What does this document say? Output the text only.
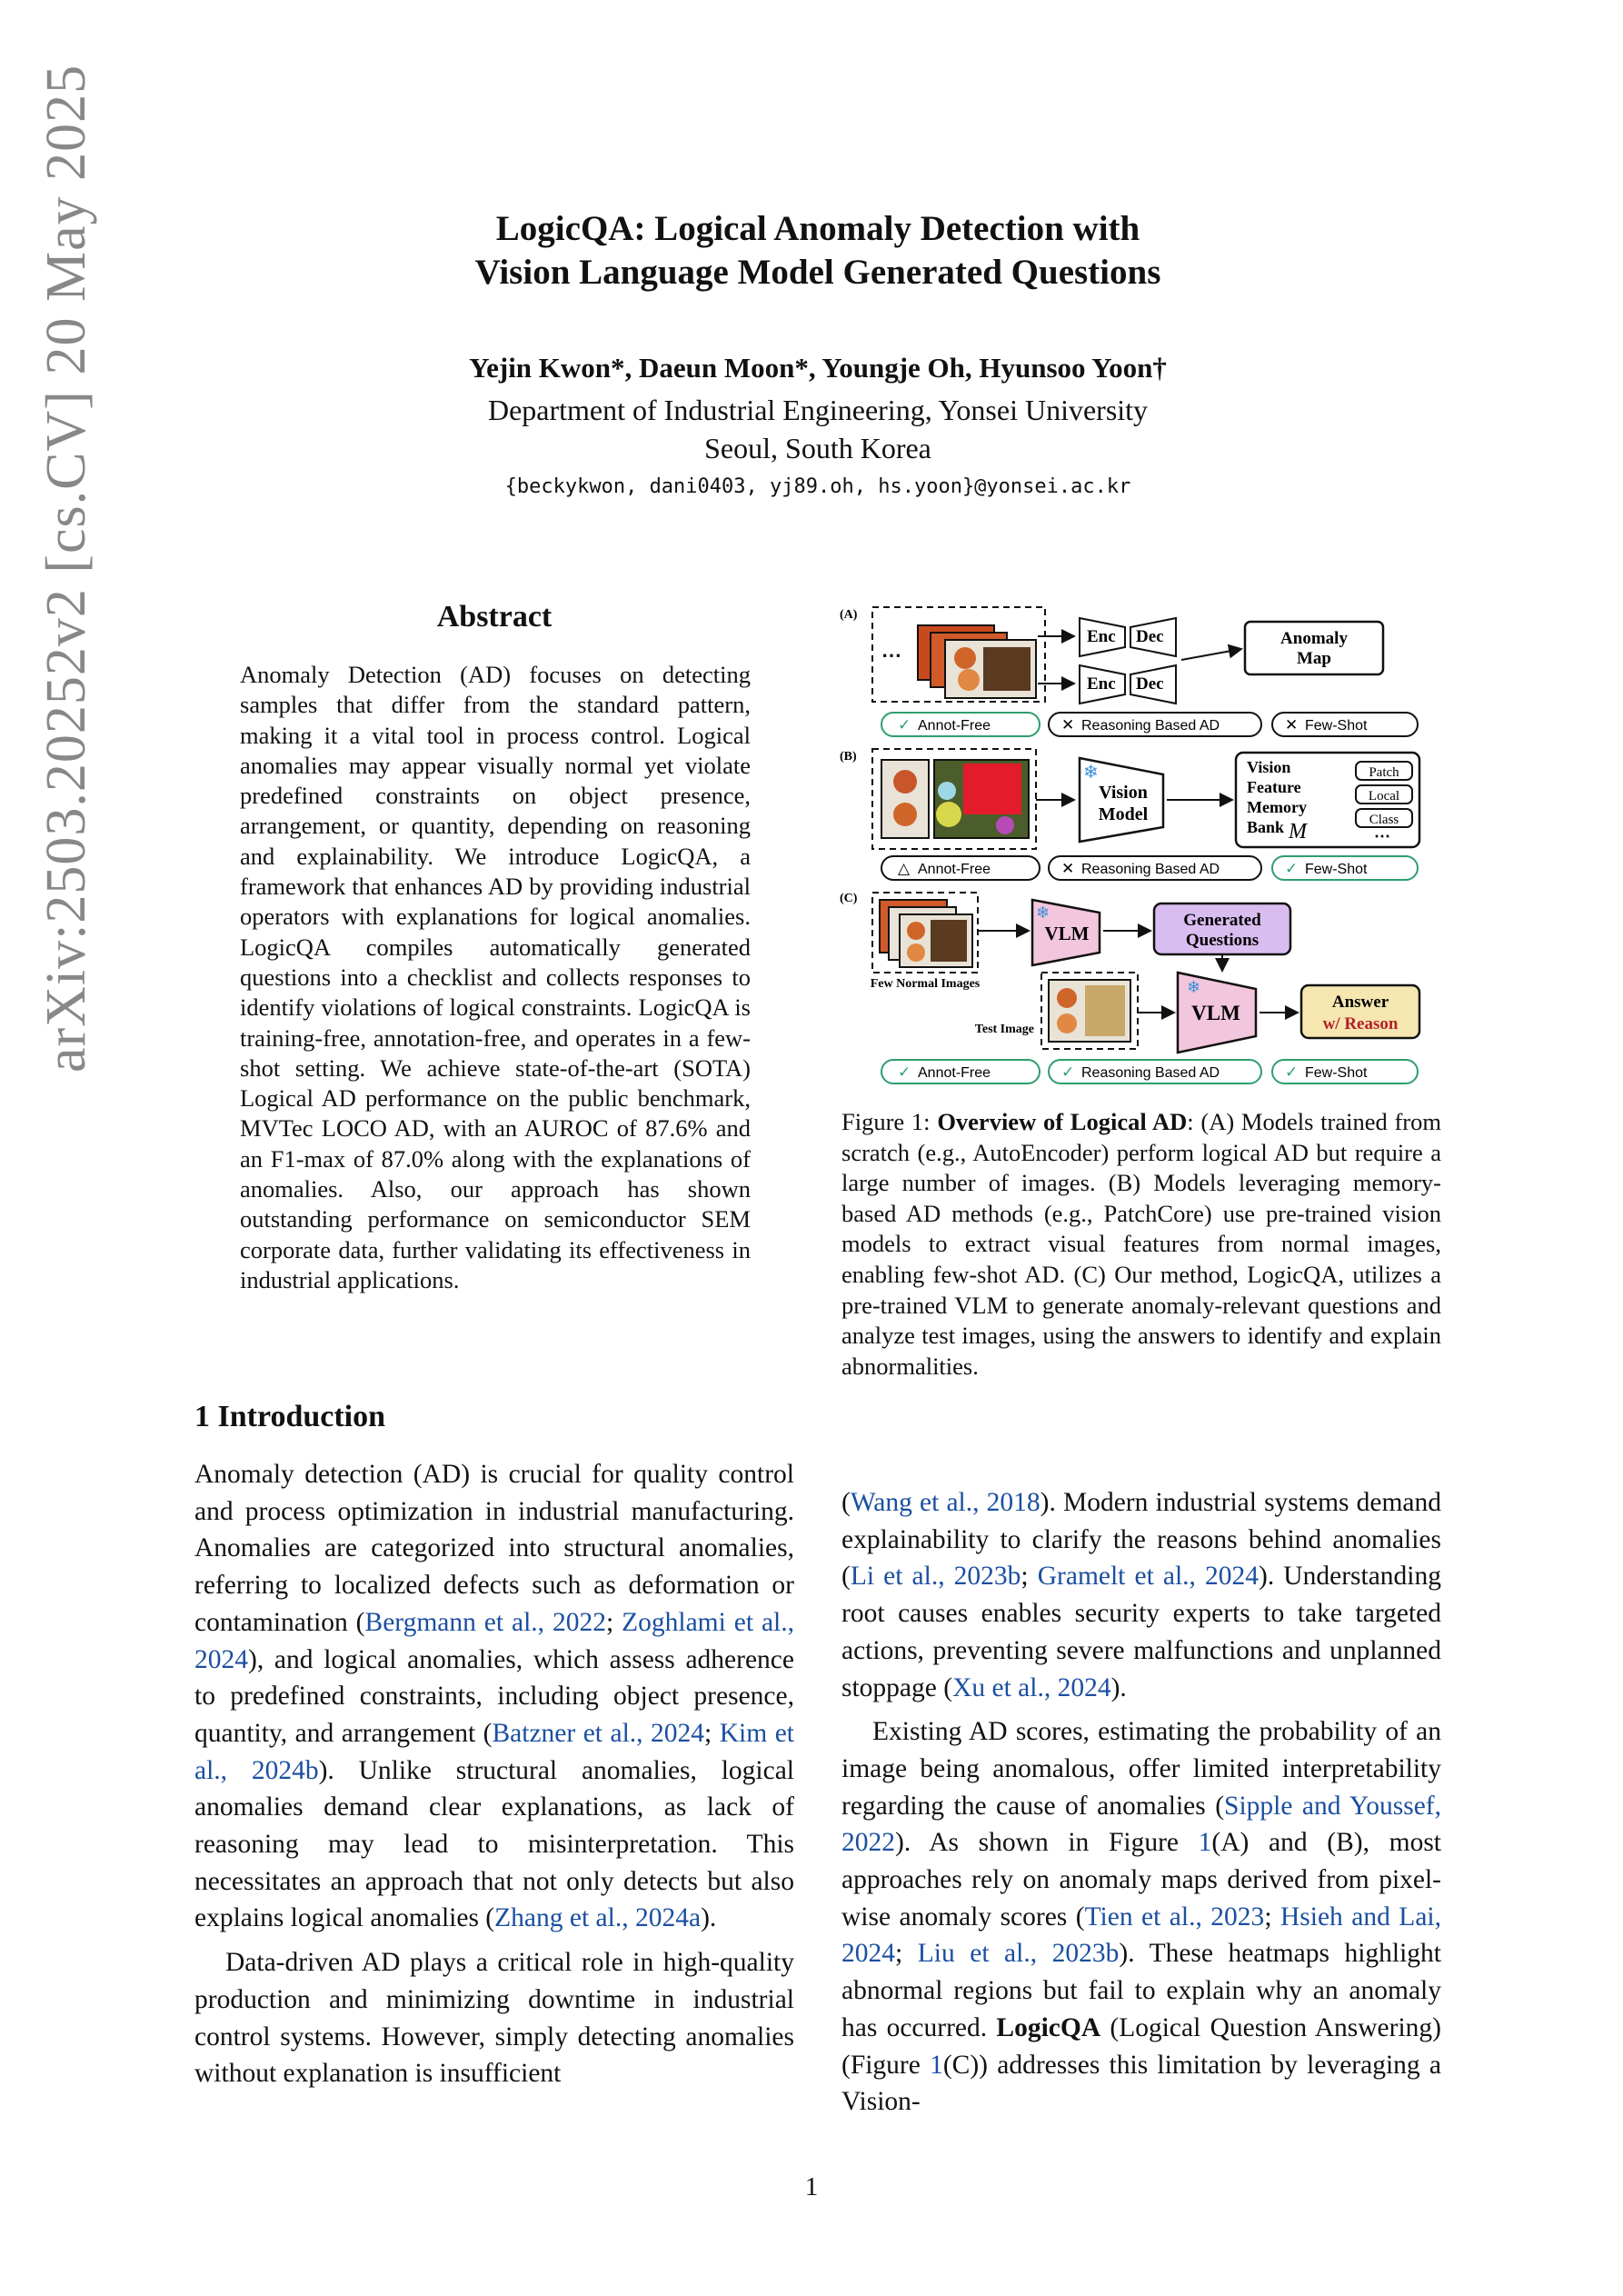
LogicQA: Logical Anomaly Detection with
Vision Language Model Generated Questions
Yejin Kwon*, Daeun Moon*, Youngje Oh, Hyunsoo Yoon†
Department of Industrial Engineering, Yonsei University
Seoul, South Korea
{beckykwon, dani0403, yj89.oh, hs.yoon}@yonsei.ac.kr
arXiv:2503.20252v2 [cs.CV] 20 May 2025	Abstract
Anomaly Detection (AD) focuses on detecting samples that differ from the standard pattern, making it a vital tool in process control. Logical anomalies may appear visually normal yet violate predefined constraints on object presence, arrangement, or quantity, depending on reasoning and explainability. We introduce LogicQA, a framework that enhances AD by providing industrial operators with explanations for logical anomalies. LogicQA compiles automatically generated questions into a checklist and collects responses to identify violations of logical constraints. LogicQA is training-free, annotation-free, and operates in a few-shot setting. We achieve state-of-the-art (SOTA) Logical AD performance on the public benchmark, MVTec LOCO AD, with an AUROC of 87.6% and an F1-max of 87.0% along with the explanations of anomalies. Also, our approach has shown outstanding performance on semiconductor SEM corporate data, further validating its effectiveness in industrial applications.
1 Introduction

Anomaly detection (AD) is crucial for quality control and process optimization in industrial manufacturing. Anomalies are categorized into structural anomalies, referring to localized defects such as deformation or contamination (Bergmann et al., 2022; Zoghlami et al., 2024), and logical anomalies, which assess adherence to predefined constraints, including object presence, quantity, and arrangement (Batzner et al., 2024; Kim et al., 2024b). Unlike structural anomalies, logical anomalies demand clear explanations, as lack of reasoning may lead to misinterpretation. This necessitates an approach that not only detects but also explains logical anomalies (Zhang et al., 2024a).

Data-driven AD plays a critical role in high-quality production and minimizing downtime in industrial control systems. However, simply detecting anomalies without explanation is insufficient

(Wang et al., 2018). Modern industrial systems demand explainability to clarify the reasons behind anomalies (Li et al., 2023b; Gramelt et al., 2024). Understanding root causes enables security experts to take targeted actions, preventing severe malfunctions and unplanned stoppage (Xu et al., 2024).

Existing AD scores, estimating the probability of an image being anomalous, offer limited interpretability regarding the cause of anomalies (Sipple and Youssef, 2022). As shown in Figure 1(A) and (B), most approaches rely on anomaly maps derived from pixel-wise anomaly scores (Tien et al., 2023; Hsieh and Lai, 2024; Liu et al., 2023b). These heatmaps highlight abnormal regions but fail to explain why an anomaly has occurred. LogicQA (Logical Question Answering) (Figure 1(C)) addresses this limitation by leveraging a Vision-

(A)
⋯
Enc Dec
Enc Dec
Anomaly
Map
✓ Annot-Free	✕ Reasoning Based AD	✕ Few-Shot
(B)
❄
Vision
Model
Vision
Feature
Memory
Bank M
Patch
Local
Class
⋯
△ Annot-Free	✕ Reasoning Based AD	✓ Few-Shot
(C)
Few Normal Images
❄
VLM
Generated
Questions
Test Image
❄
VLM	Answer
w/ Reason
✓ Annot-Free	✓ Reasoning Based AD	✓ Few-Shot
Figure 1: Overview of Logical AD: (A) Models trained from scratch (e.g., AutoEncoder) perform logical AD but require a large number of images. (B) Models leveraging memory-based AD methods (e.g., PatchCore) use pre-trained vision models to extract visual features from normal images, enabling few-shot AD. (C) Our method, LogicQA, utilizes a pre-trained VLM to generate anomaly-relevant questions and analyze test images, using the answers to identify and explain abnormalities.
1
